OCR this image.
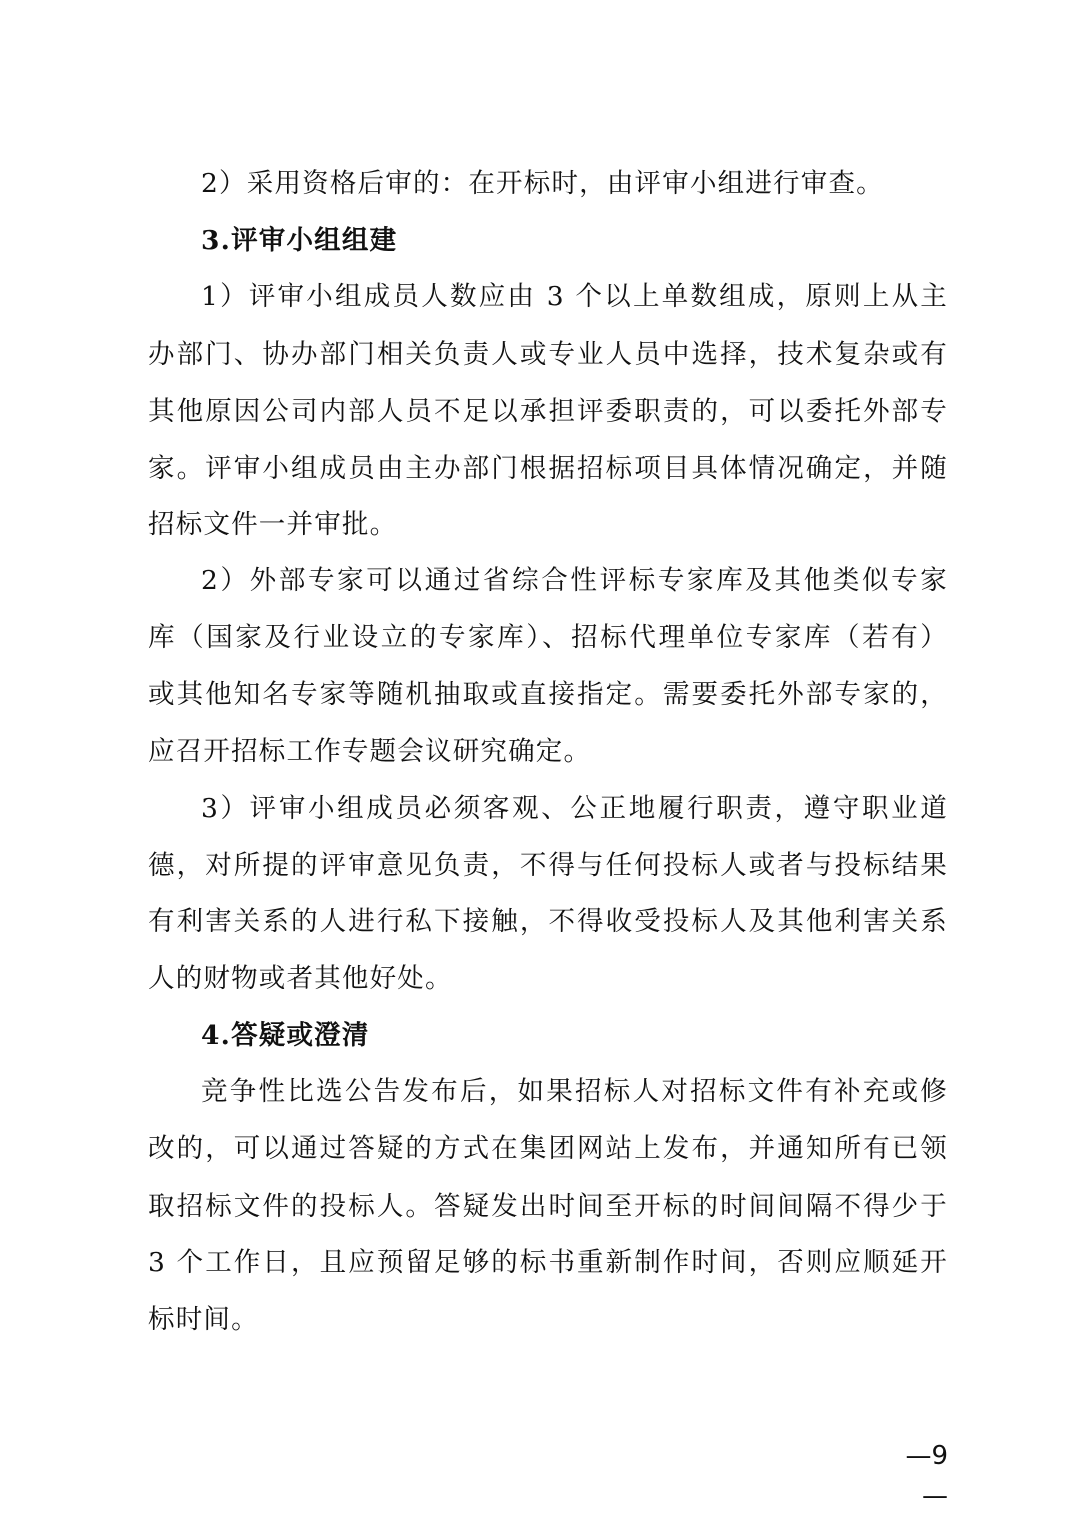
2）采用资格后审的：在开标时，由评审小组进行审查。
3.评审小组组建
1）评审小组成员人数应由 3 个以上单数组成，原则上从主
办部门、协办部门相关负责人或专业人员中选择，技术复杂或有
其他原因公司内部人员不足以承担评委职责的，可以委托外部专
家。评审小组成员由主办部门根据招标项目具体情况确定，并随
招标文件一并审批。
2）外部专家可以通过省综合性评标专家库及其他类似专家
库（国家及行业设立的专家库）、招标代理单位专家库（若有）
或其他知名专家等随机抽取或直接指定。需要委托外部专家的，
应召开招标工作专题会议研究确定。
3）评审小组成员必须客观、公正地履行职责，遵守职业道
德，对所提的评审意见负责，不得与任何投标人或者与投标结果
有利害关系的人进行私下接触，不得收受投标人及其他利害关系
人的财物或者其他好处。
4.答疑或澄清
竞争性比选公告发布后，如果招标人对招标文件有补充或修
改的，可以通过答疑的方式在集团网站上发布，并通知所有已领
取招标文件的投标人。答疑发出时间至开标的时间间隔不得少于
3 个工作日，且应预留足够的标书重新制作时间，否则应顺延开
标时间。
—9—
